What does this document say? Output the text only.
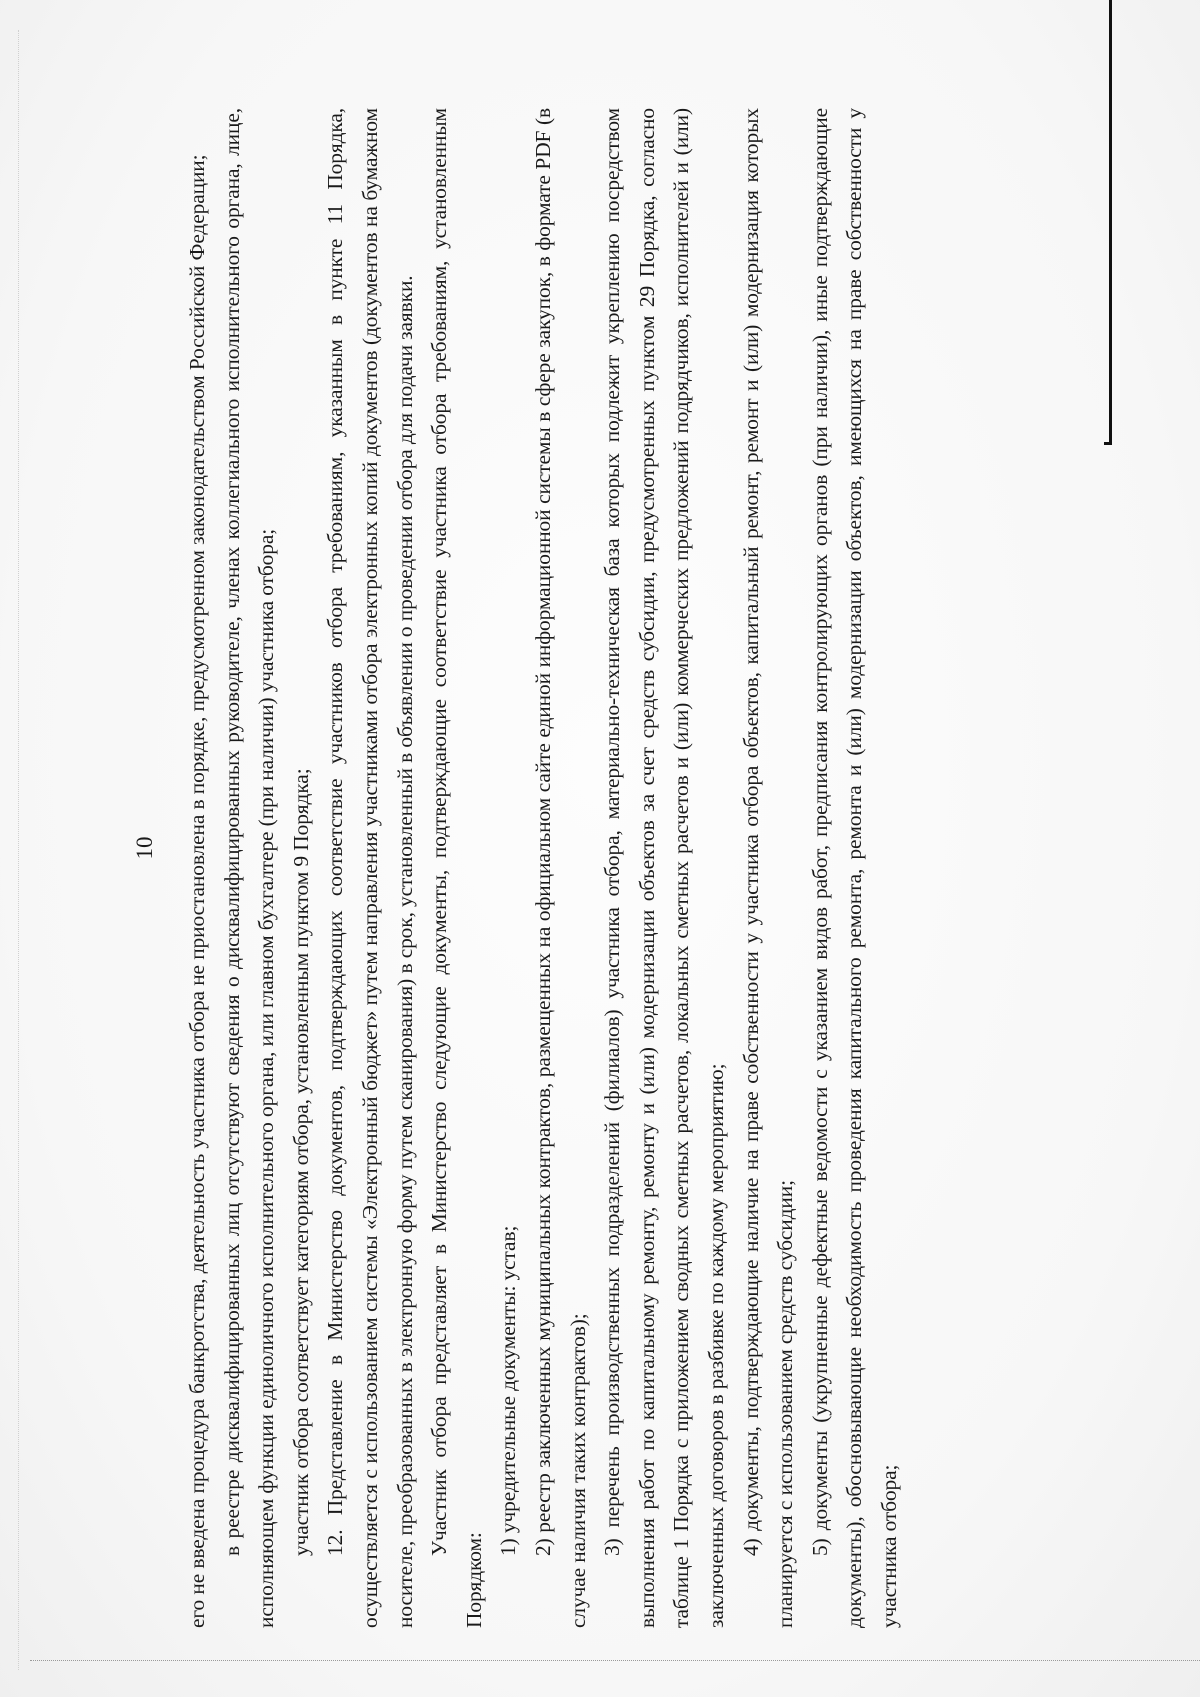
10 его не введена процедура банкротства, деятельность участника отбора не приостановлена в порядке, предусмотренном законодательством Российской Федерации; в реестре дисквалифицированных лиц отсутствуют сведения о дисквалифицированных руководителе, членах коллегиального исполнительного органа, лице, исполняющем функции единоличного исполнительного органа, или главном бухгалтере (при наличии) участника отбора; участник отбора соответствует категориям отбора, установленным пунктом 9 Порядка; 12. Представление в Министерство документов, подтверждающих соответствие участников отбора требованиям, указанным в пункте 11 Порядка, осуществляется с использованием системы «Электронный бюджет» путем направления участниками отбора электронных копий документов (документов на бумажном носителе, преобразованных в электронную форму путем сканирования) в срок, установленный в объявлении о проведении отбора для подачи заявки. Участник отбора представляет в Министерство следующие документы, подтверждающие соответствие участника отбора требованиям, установленным Порядком:

1) учредительные документы: устав; 2) реестр заключенных муниципальных контрактов, размещенных на официальном сайте единой информационной системы в сфере закупок, в формате PDF (в случае наличия таких контрактов); 3) перечень производственных подразделений (филиалов) участника отбора, материально-техническая база которых подлежит укреплению посредством выполнения работ по капитальному ремонту, ремонту и (или) модернизации объектов за счет средств субсидии, предусмотренных пунктом 29 Порядка, согласно таблице 1 Порядка с приложением сводных сметных расчетов, локальных сметных расчетов и (или) коммерческих предложений подрядчиков, исполнителей и (или) заключенных договоров в разбивке по каждому мероприятию; 4) документы, подтверждающие наличие на праве собственности у участника отбора объектов, капитальный ремонт, ремонт и (или) модернизация которых планируется с использованием средств субсидии; 5) документы (укрупненные дефектные ведомости с указанием видов работ, предписания контролирующих органов (при наличии), иные подтверждающие документы), обосновывающие необходимость проведения капитального ремонта, ремонта и (или) модернизации объектов, имеющихся на праве собственности у участника отбора;
